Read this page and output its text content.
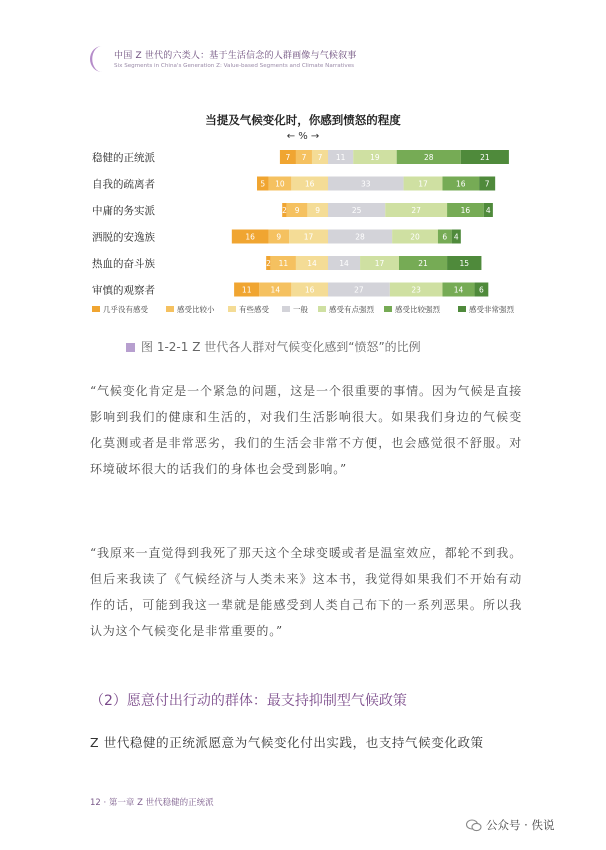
中国 Z 世代的六类人：基于生活信念的人群画像与气候叙事
Six Segments in China's Generation Z: Value-based Segments and Climate Narratives
当提及气候变化时，你感到愤怒的程度
← % →
稳健的正统派	7 7 7 11	19	28	21
自我的疏离者	5 10	16	33	17	16	7
中庸的务实派	2 9 9	25	27	16 4
洒脱的安逸族	16	9	17	28	20	6 4
热血的奋斗族	2 11	14	14	17	21	15
审慎的观察者	11	14	16	27	23	14 6
几乎没有感受	感受比较小	有些感受	一般	感受有点强烈	感受比较强烈	感受非常强烈
图 1-2-1 Z 世代各人群对气候变化感到“愤怒”的比例
“气候变化肯定是一个紧急的问题，这是一个很重要的事情。因为气候是直接影响到我们的健康和生活的，对我们生活影响很大。如果我们身边的气候变化莫测或者是非常恶劣，我们的生活会非常不方便，也会感觉很不舒服。对环境破坏很大的话我们的身体也会受到影响。”
“我原来一直觉得到我死了那天这个全球变暖或者是温室效应，都轮不到我。但后来我读了《气候经济与人类未来》这本书，我觉得如果我们不开始有动作的话，可能到我这一辈就是能感受到人类自己布下的一系列恶果。所以我认为这个气候变化是非常重要的。”
（2）愿意付出行动的群体：最支持抑制型气候政策
Z 世代稳健的正统派愿意为气候变化付出实践，也支持气候变化政策
12 · 第一章 Z 世代稳健的正统派
公众号 · 佚说
